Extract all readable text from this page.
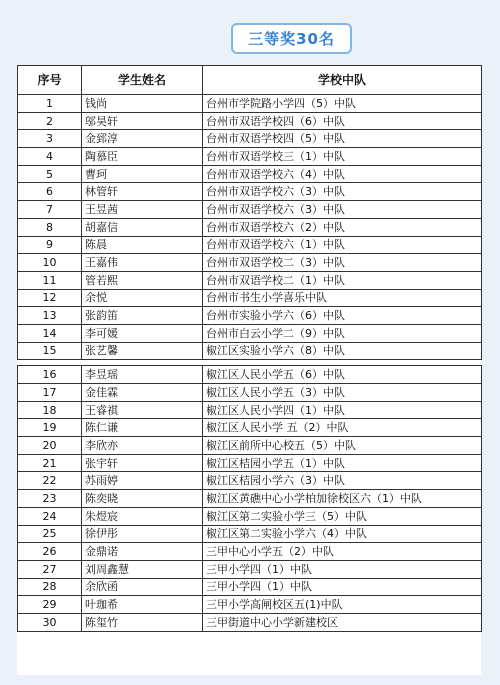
三等奖30名
序号	学生姓名	学校中队
1	钱尚	台州市学院路小学四（5）中队
2	邬昊轩	台州市双语学校四（6）中队
3	金郅淳	台州市双语学校四（5）中队
4	陶慕臣	台州市双语学校三（1）中队
5	曹珂	台州市双语学校六（4）中队
6	林管轩	台州市双语学校六（3）中队
7	王昱茜	台州市双语学校六（3）中队
8	胡嘉信	台州市双语学校六（2）中队
9	陈晨	台州市双语学校六（1）中队
10	王嘉伟	台州市双语学校二（3）中队
11	管若熙	台州市双语学校二（1）中队
12	余悦	台州市书生小学喜乐中队
13	张韵笛	台州市实验小学六（6）中队
14	李可媛	台州市白云小学二（9）中队
15	张艺馨	椒江区实验小学六（8）中队

16	李昱瑶	椒江区人民小学五（6）中队
17	金佳霖	椒江区人民小学五（3）中队
18	王睿祺	椒江区人民小学四（1）中队
19	陈仁谦	椒江区人民小学 五（2）中队
20	李欣亦	椒江区前所中心校五（5）中队
21	张宇轩	椒江区桔园小学五（1）中队
22	苏雨婷	椒江区桔园小学六（3）中队
23	陈奕晓	椒江区黄礁中心小学柏加徐校区六（1）中队
24	朱煜宸	椒江区第二实验小学三（5）中队
25	徐伊彤	椒江区第二实验小学六（4）中队
26	金鼎诺	三甲中心小学五（2）中队
27	刘周鑫慧	三甲小学四（1）中队
28	余欣函	三甲小学四（1）中队
29	叶珈希	三甲小学高闸校区五(1)中队
30	陈玺竹	三甲街道中心小学新建校区
